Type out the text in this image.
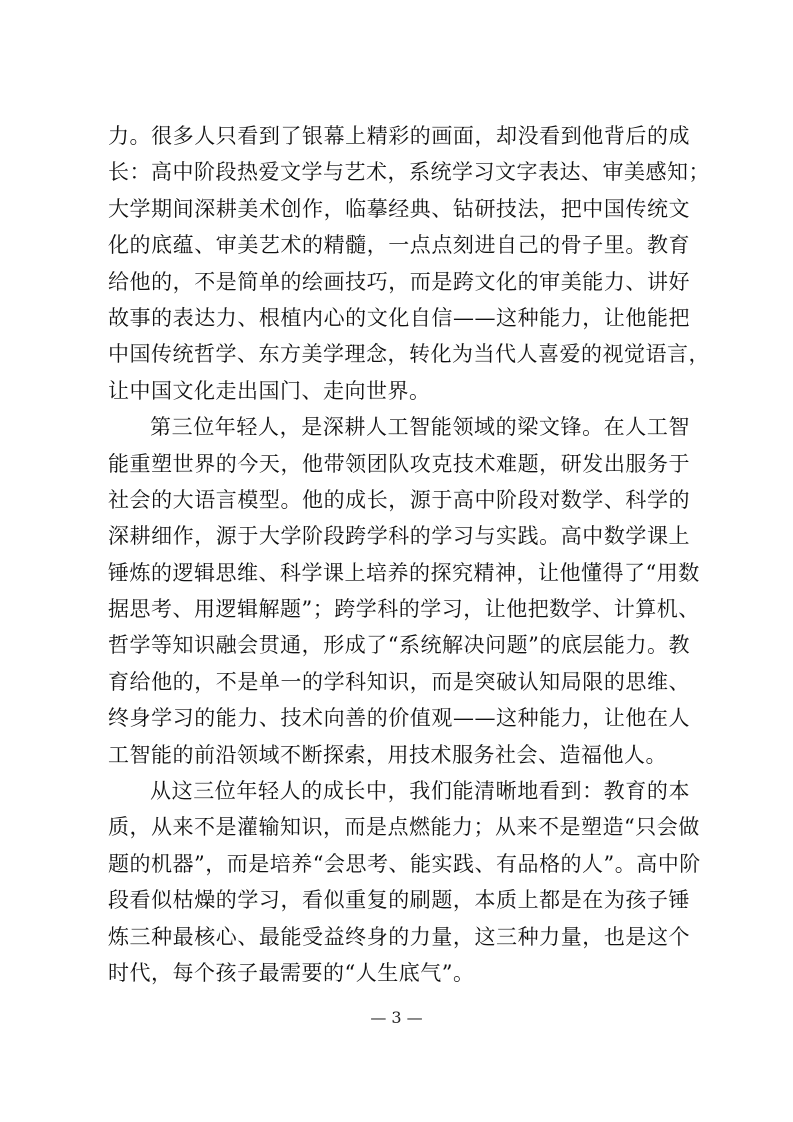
力。很多人只看到了银幕上精彩的画面，却没看到他背后的成
长：高中阶段热爱文学与艺术，系统学习文字表达、审美感知；
大学期间深耕美术创作，临摹经典、钻研技法，把中国传统文
化的底蕴、审美艺术的精髓，一点点刻进自己的骨子里。教育
给他的，不是简单的绘画技巧，而是跨文化的审美能力、讲好
故事的表达力、根植内心的文化自信——这种能力，让他能把
中国传统哲学、东方美学理念，转化为当代人喜爱的视觉语言，
让中国文化走出国门、走向世界。
第三位年轻人，是深耕人工智能领域的梁文锋。在人工智
能重塑世界的今天，他带领团队攻克技术难题，研发出服务于
社会的大语言模型。他的成长，源于高中阶段对数学、科学的
深耕细作，源于大学阶段跨学科的学习与实践。高中数学课上
锤炼的逻辑思维、科学课上培养的探究精神，让他懂得了“用数
据思考、用逻辑解题”；跨学科的学习，让他把数学、计算机、
哲学等知识融会贯通，形成了“系统解决问题”的底层能力。教
育给他的，不是单一的学科知识，而是突破认知局限的思维、
终身学习的能力、技术向善的价值观——这种能力，让他在人
工智能的前沿领域不断探索，用技术服务社会、造福他人。
从这三位年轻人的成长中，我们能清晰地看到：教育的本
质，从来不是灌输知识，而是点燃能力；从来不是塑造“只会做
题的机器”，而是培养“会思考、能实践、有品格的人”。高中阶
段看似枯燥的学习，看似重复的刷题，本质上都是在为孩子锤
炼三种最核心、最能受益终身的力量，这三种力量，也是这个
时代，每个孩子最需要的“人生底气”。
— 3 —
